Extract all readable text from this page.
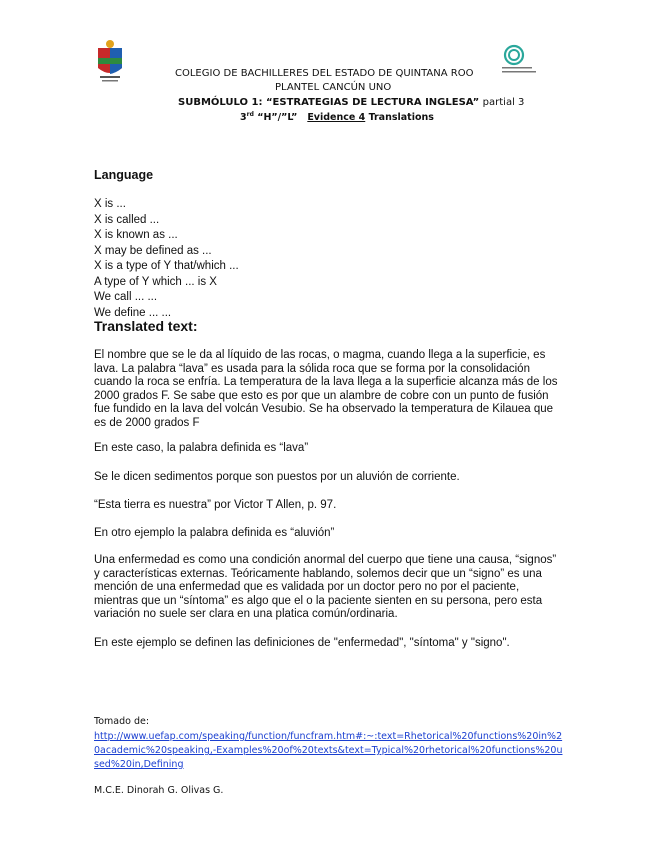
COLEGIO DE BACHILLERES DEL ESTADO DE QUINTANA ROO
PLANTEL CANCÚN UNO
SUBMÓLULO 1: “ESTRATEGIAS DE LECTURA INGLESA” partial 3
3rd “H”/”L” Evidence 4 Translations
Language
X is ...
X is called ...
X is known as ...
X may be defined as ...
X is a type of Y that/which ...
A type of Y which ... is X
We call ... ...
We define ... ...
Translated text:

El nombre que se le da al líquido de las rocas, o magma, cuando llega a la superficie, es lava. La palabra “lava” es usada para la sólida roca que se forma por la consolidación cuando la roca se enfría. La temperatura de la lava llega a la superficie alcanza más de los 2000 grados F. Se sabe que esto es por que un alambre de cobre con un punto de fusión fue fundido en la lava del volcán Vesubio. Se ha observado la temperatura de Kilauea que es de 2000 grados F

En este caso, la palabra definida es “lava”

Se le dicen sedimentos porque son puestos por un aluvión de corriente.

“Esta tierra es nuestra” por Victor T Allen, p. 97.

En otro ejemplo la palabra definida es “aluvión”

Una enfermedad es como una condición anormal del cuerpo que tiene una causa, “signos” y características externas. Teóricamente hablando, solemos decir que un “signo” es una mención de una enfermedad que es validada por un doctor pero no por el paciente, mientras que un “síntoma” es algo que el o la paciente sienten en su persona, pero esta variación no suele ser clara en una platica común/ordinaria.

En este ejemplo se definen las definiciones de "enfermedad", "síntoma" y "signo".

Tomado de:
http://www.uefap.com/speaking/function/funcfram.htm#:~:text=Rhetorical%20functions%20in%20academic%20speaking,-Examples%20of%20texts&text=Typical%20rhetorical%20functions%20used%20in,Defining
M.C.E. Dinorah G. Olivas G.
